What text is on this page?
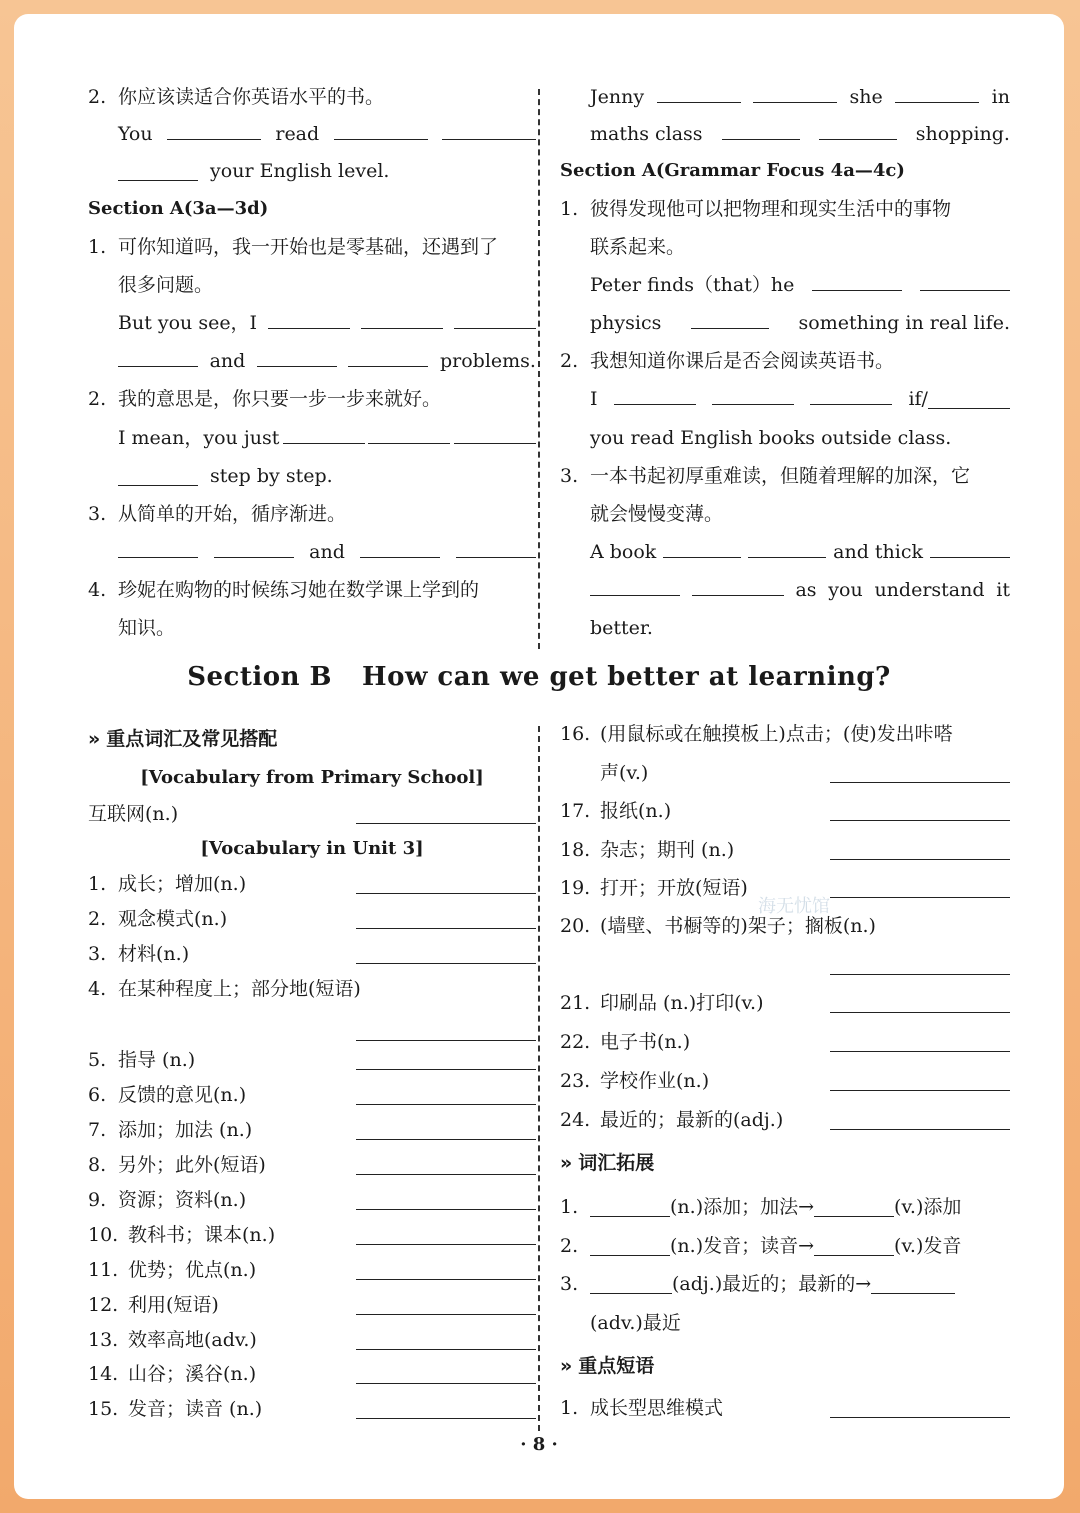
2. 你应该读适合你英语水平的书。
You	read
your English level.
Section A(3a—3d)
1. 可你知道吗，我一开始也是零基础，还遇到了
很多问题。
But you see，I
and	problems.
2. 我的意思是，你只要一步一步来就好。
I mean，you just
step by step.
3. 从简单的开始，循序渐进。
and
4. 珍妮在购物的时候练习她在数学课上学到的
知识。
Jenny	she	in
maths class	shopping.
Section A(Grammar Focus 4a—4c)
1. 彼得发现他可以把物理和现实生活中的事物
联系起来。
Peter finds（that）he
physics	something in real life.
2. 我想知道你课后是否会阅读英语书。
I	if/
you read English books outside class.
3. 一本书起初厚重难读，但随着理解的加深，它
就会慢慢变薄。
A book	and thick
as you understand it
better.
Section B How can we get better at learning?
» 重点词汇及常见搭配
[Vocabulary from Primary School]
互联网(n.)
[Vocabulary in Unit 3]
1. 成长；增加(n.)
2. 观念模式(n.)
3. 材料(n.)
4. 在某种程度上；部分地(短语)
5. 指导 (n.)
6. 反馈的意见(n.)
7. 添加；加法 (n.)
8. 另外；此外(短语)
9. 资源；资料(n.)
10. 教科书；课本(n.)
11. 优势；优点(n.)
12. 利用(短语)
13. 效率高地(adv.)
14. 山谷；溪谷(n.)
15. 发音；读音 (n.)
16. (用鼠标或在触摸板上)点击；(使)发出咔嗒
声(v.)
17. 报纸(n.)
18. 杂志；期刊 (n.)
19. 打开；开放(短语)
20. (墙壁、书橱等的)架子；搁板(n.)
21. 印刷品 (n.)打印(v.)
22. 电子书(n.)
23. 学校作业(n.)
24. 最近的；最新的(adj.)
» 词汇拓展
1.	(n.)添加；加法→	(v.)添加
2.	(n.)发音；读音→	(v.)发音
3.	(adj.)最近的；最新的→
(adv.)最近
» 重点短语
1. 成长型思维模式
海无忧馆
· 8 ·
